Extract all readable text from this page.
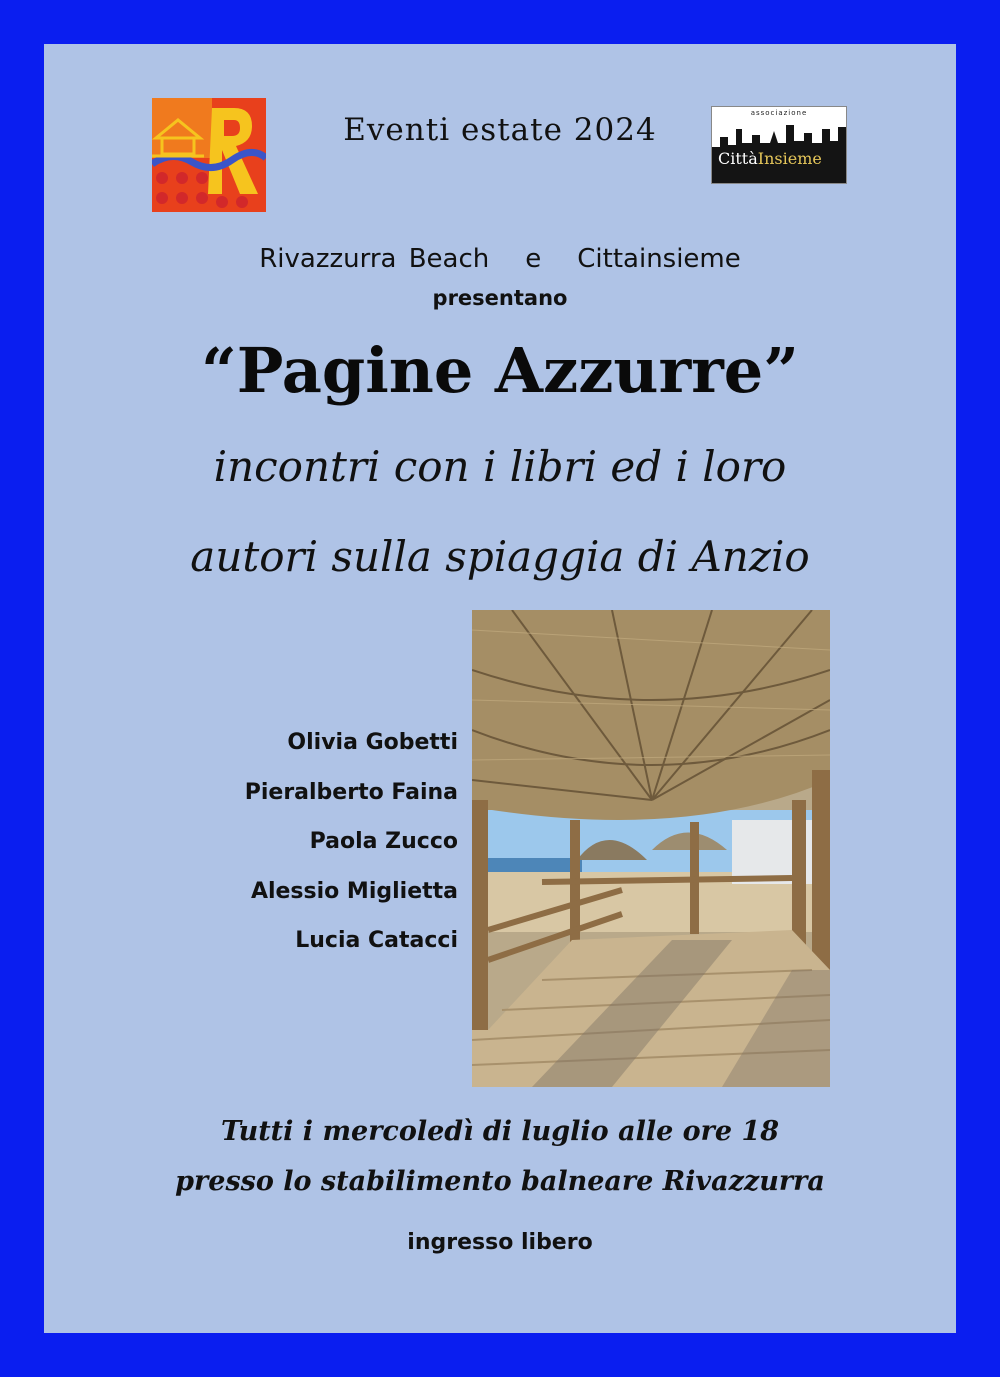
Eventi estate 2024	associazione
CittàInsieme
Rivazzurra Beach e Cittainsieme
presentano
“Pagine Azzurre”
incontri con i libri ed i loro
autori sulla spiaggia di Anzio
Olivia Gobetti
Pieralberto Faina
Paola Zucco
Alessio Miglietta
Lucia Catacci
Tutti i mercoledì di luglio alle ore 18
presso lo stabilimento balneare Rivazzurra
ingresso libero
